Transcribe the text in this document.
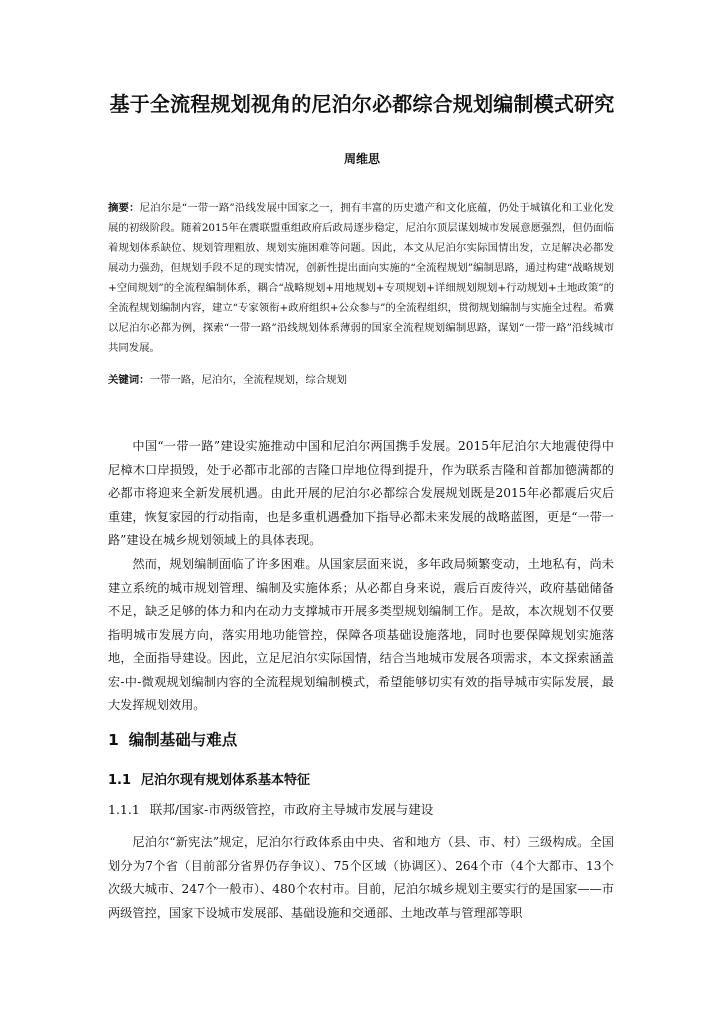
基于全流程规划视角的尼泊尔必都综合规划编制模式研究
周维思
摘要：尼泊尔是“一带一路”沿线发展中国家之一，拥有丰富的历史遗产和文化底蕴，仍处于城镇化和工业化发展的初级阶段。随着2015年在震联盟重组政府后政局逐步稳定，尼泊尔顶层谋划城市发展意愿强烈，但仍面临着规划体系缺位、规划管理粗放、规划实施困难等问题。因此，本文从尼泊尔实际国情出发，立足解决必都发展动力强劲，但规划手段不足的现实情况，创新性提出面向实施的“全流程规划”编制思路，通过构建“战略规划+空间规划”的全流程编制体系，耦合“战略规划+用地规划+专项规划+详细规划规划+行动规划+土地政策”的全流程规划编制内容，建立“专家领衔+政府组织+公众参与”的全流程组织，贯彻规划编制与实施全过程。希冀以尼泊尔必都为例，探索“一带一路”沿线规划体系薄弱的国家全流程规划编制思路，谋划“一带一路”沿线城市共同发展。
关键词：一带一路，尼泊尔，全流程规划，综合规划

中国“一带一路”建设实施推动中国和尼泊尔两国携手发展。2015年尼泊尔大地震使得中尼樟木口岸损毁，处于必都市北部的吉隆口岸地位得到提升，作为联系吉隆和首都加德满都的必都市将迎来全新发展机遇。由此开展的尼泊尔必都综合发展规划既是2015年必都震后灾后重建，恢复家园的行动指南，也是多重机遇叠加下指导必都未来发展的战略蓝图，更是“一带一路”建设在城乡规划领域上的具体表现。

然而，规划编制面临了许多困难。从国家层面来说，多年政局频繁变动，土地私有，尚未建立系统的城市规划管理、编制及实施体系；从必都自身来说，震后百废待兴，政府基础储备不足，缺乏足够的体力和内在动力支撑城市开展多类型规划编制工作。是故，本次规划不仅要指明城市发展方向，落实用地功能管控，保障各项基础设施落地，同时也要保障规划实施落地，全面指导建设。因此，立足尼泊尔实际国情，结合当地城市发展各项需求，本文探索涵盖宏-中-微观规划编制内容的全流程规划编制模式，希望能够切实有效的指导城市实际发展，最大发挥规划效用。

1 编制基础与难点
1.1 尼泊尔现有规划体系基本特征
1.1.1 联邦/国家-市两级管控，市政府主导城市发展与建设

尼泊尔“新宪法”规定，尼泊尔行政体系由中央、省和地方（县、市、村）三级构成。全国划分为7个省（目前部分省界仍存争议）、75个区域（协调区）、264个市（4个大都市、13个次级大城市、247个一般市）、480个农村市。目前，尼泊尔城乡规划主要实行的是国家——市两级管控，国家下设城市发展部、基础设施和交通部、土地改革与管理部等职
